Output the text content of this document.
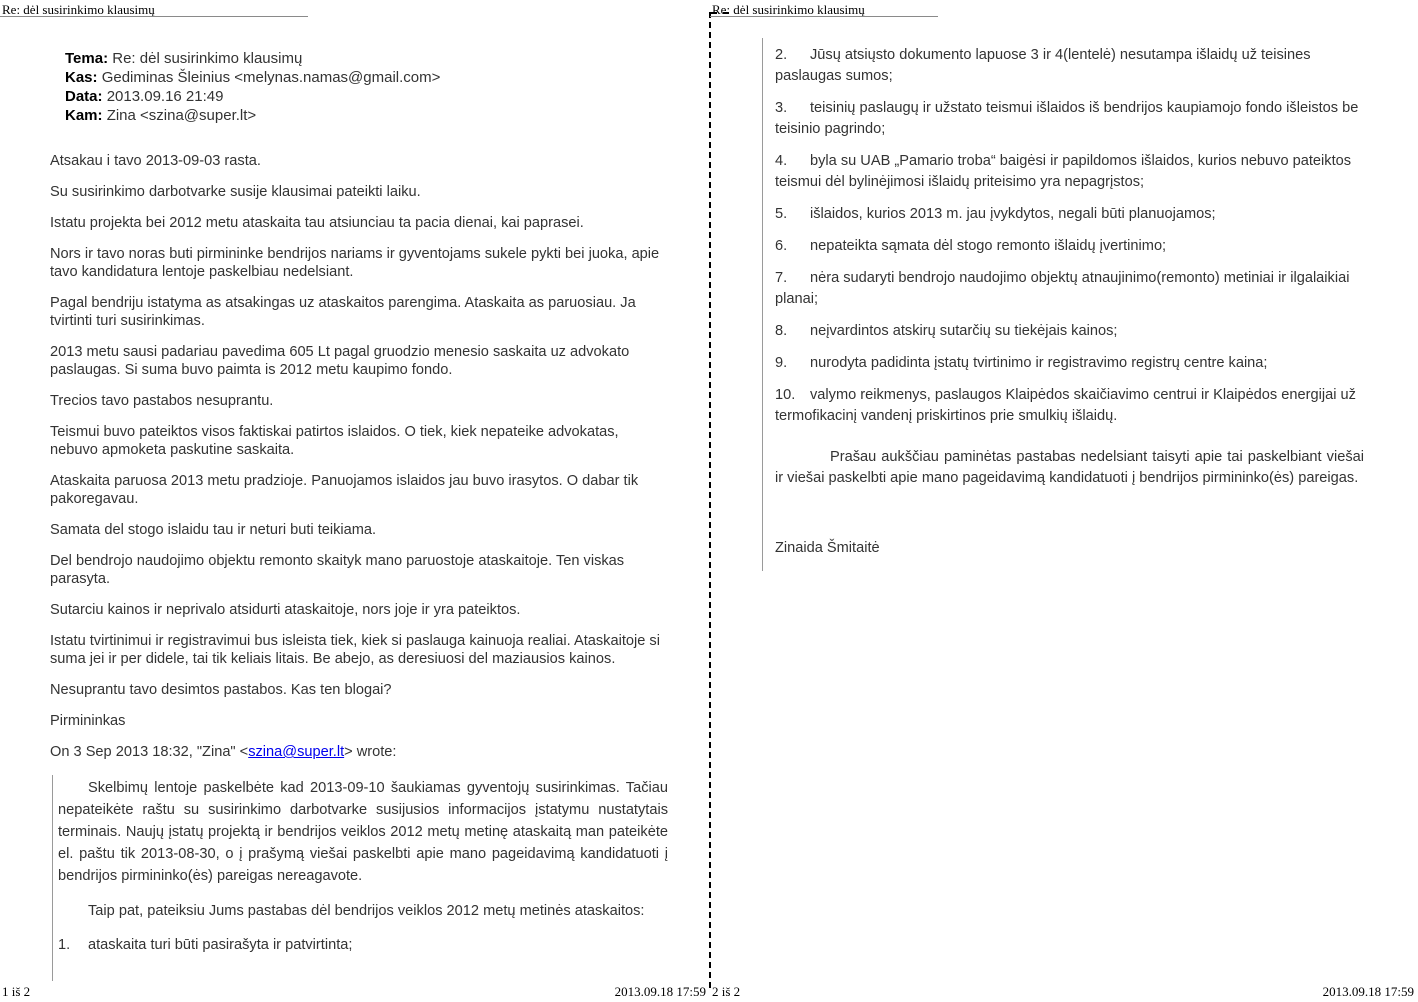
Re: dėl susirinkimo klausimų
Tema: Re: dėl susirinkimo klausimų
Kas: Gediminas Šleinius <melynas.namas@gmail.com>
Data: 2013.09.16 21:49
Kam: Zina <szina@super.lt>

Atsakau i tavo 2013-09-03 rasta.

Su susirinkimo darbotvarke susije klausimai pateikti laiku.

Istatu projekta bei 2012 metu ataskaita tau atsiunciau ta pacia dienai, kai paprasei.

Nors ir tavo noras buti pirmininke bendrijos nariams ir gyventojams sukele pykti bei juoka, apie tavo kandidatura lentoje paskelbiau nedelsiant.

Pagal bendriju istatyma as atsakingas uz ataskaitos parengima. Ataskaita as paruosiau. Ja tvirtinti turi susirinkimas.

2013 metu sausi padariau pavedima 605 Lt pagal gruodzio menesio saskaita uz advokato paslaugas. Si suma buvo paimta is 2012 metu kaupimo fondo.

Trecios tavo pastabos nesuprantu.

Teismui buvo pateiktos visos faktiskai patirtos islaidos. O tiek, kiek nepateike advokatas, nebuvo apmoketa paskutine saskaita.

Ataskaita paruosa 2013 metu pradzioje. Panuojamos islaidos jau buvo irasytos. O dabar tik pakoregavau.

Samata del stogo islaidu tau ir neturi buti teikiama.

Del bendrojo naudojimo objektu remonto skaityk mano paruostoje ataskaitoje. Ten viskas parasyta.

Sutarciu kainos ir neprivalo atsidurti ataskaitoje, nors joje ir yra pateiktos.

Istatu tvirtinimui ir registravimui bus isleista tiek, kiek si paslauga kainuoja realiai. Ataskaitoje si suma jei ir per didele, tai tik keliais litais. Be abejo, as deresiuosi del maziausios kainos.

Nesuprantu tavo desimtos pastabos. Kas ten blogai?

Pirmininkas

On 3 Sep 2013 18:32, "Zina" <szina@super.lt> wrote:

Skelbimų lentoje paskelbėte kad 2013-09-10 šaukiamas gyventojų susirinkimas. Tačiau nepateikėte raštu su susirinkimo darbotvarke susijusios informacijos įstatymu nustatytais terminais. Naujų įstatų projektą ir bendrijos veiklos 2012 metų metinę ataskaitą man pateikėte el. paštu tik 2013-08-30, o į prašymą viešai paskelbti apie mano pageidavimą kandidatuoti į bendrijos pirmininko(ės) pareigas nereagavote.

Taip pat, pateiksiu Jums pastabas dėl bendrijos veiklos 2012 metų metinės ataskaitos:

1. ataskaita turi būti pasirašyta ir patvirtinta;
1 iš 2	2013.09.18 17:59
Re: dėl susirinkimo klausimų
2. Jūsų atsiųsto dokumento lapuose 3 ir 4(lentelė) nesutampa išlaidų už teisines paslaugas sumos;
3. teisinių paslaugų ir užstato teismui išlaidos iš bendrijos kaupiamojo fondo išleistos be teisinio pagrindo;
4. byla su UAB „Pamario troba“ baigėsi ir papildomos išlaidos, kurios nebuvo pateiktos teismui dėl bylinėjimosi išlaidų priteisimo yra nepagrįstos;
5. išlaidos, kurios 2013 m. jau įvykdytos, negali būti planuojamos;
6. nepateikta sąmata dėl stogo remonto išlaidų įvertinimo;
7. nėra sudaryti bendrojo naudojimo objektų atnaujinimo(remonto) metiniai ir ilgalaikiai planai;
8. neįvardintos atskirų sutarčių su tiekėjais kainos;
9. nurodyta padidinta įstatų tvirtinimo ir registravimo registrų centre kaina;
10. valymo reikmenys, paslaugos Klaipėdos skaičiavimo centrui ir Klaipėdos energijai už termofikacinį vandenį priskirtinos prie smulkių išlaidų.

Prašau aukščiau paminėtas pastabas nedelsiant taisyti apie tai paskelbiant viešai ir viešai paskelbti apie mano pageidavimą kandidatuoti į bendrijos pirmininko(ės) pareigas.

Zinaida Šmitaitė
2 iš 2	2013.09.18 17:59
